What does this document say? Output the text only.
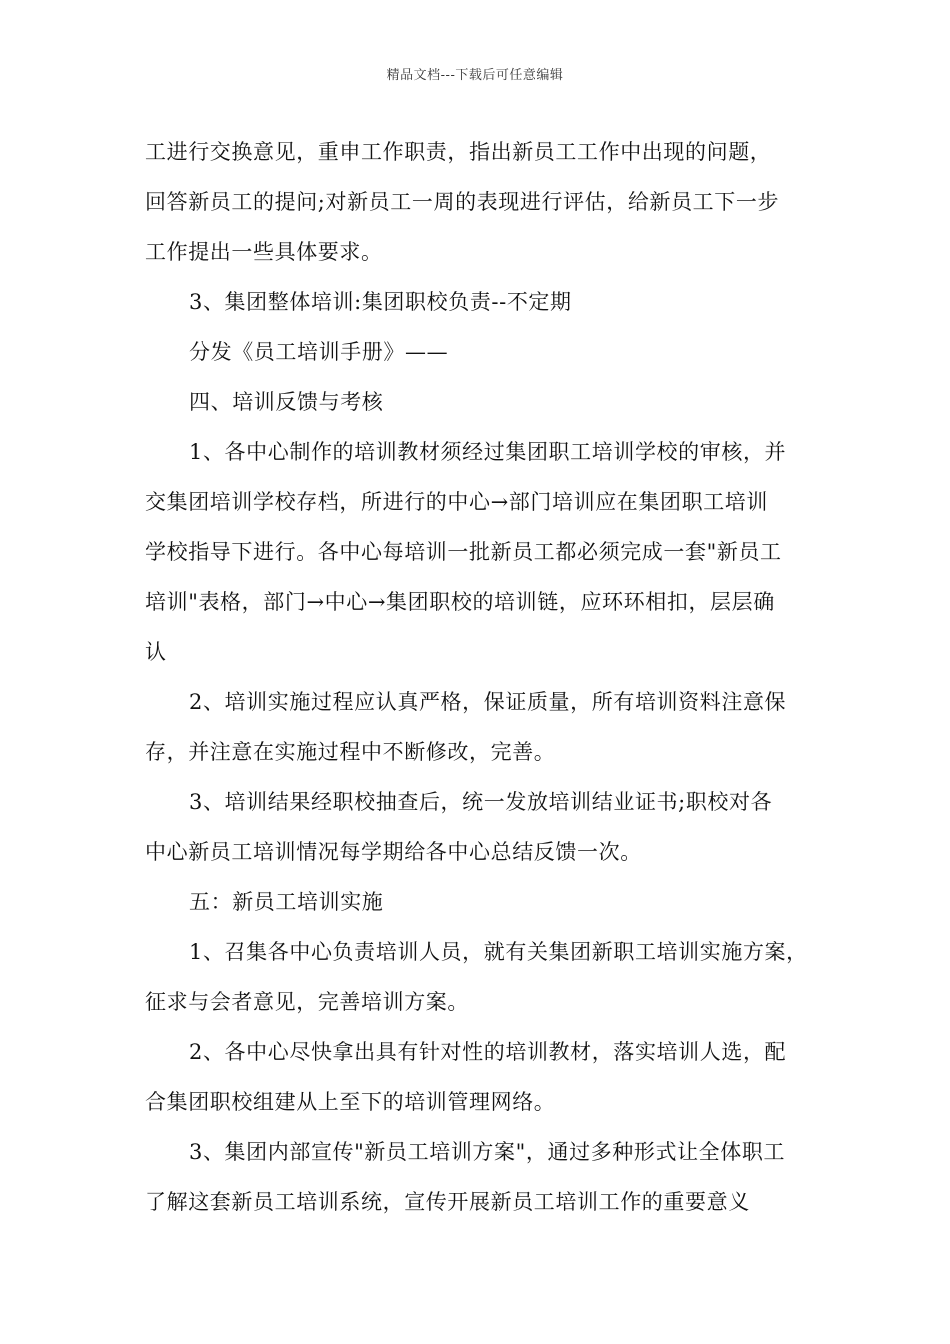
精品文档---下载后可任意编辑
工进行交换意见，重申工作职责，指出新员工工作中出现的问题，
回答新员工的提问;对新员工一周的表现进行评估，给新员工下一步
工作提出一些具体要求。
3、集团整体培训:集团职校负责--不定期
分发《员工培训手册》——
四、培训反馈与考核
1、各中心制作的培训教材须经过集团职工培训学校的审核，并
交集团培训学校存档，所进行的中心→部门培训应在集团职工培训
学校指导下进行。各中心每培训一批新员工都必须完成一套"新员工
培训"表格，部门→中心→集团职校的培训链，应环环相扣，层层确
认
2、培训实施过程应认真严格，保证质量，所有培训资料注意保
存，并注意在实施过程中不断修改，完善。
3、培训结果经职校抽查后，统一发放培训结业证书;职校对各
中心新员工培训情况每学期给各中心总结反馈一次。
五：新员工培训实施
1、召集各中心负责培训人员，就有关集团新职工培训实施方案，
征求与会者意见，完善培训方案。
2、各中心尽快拿出具有针对性的培训教材，落实培训人选，配
合集团职校组建从上至下的培训管理网络。
3、集团内部宣传"新员工培训方案"，通过多种形式让全体职工
了解这套新员工培训系统，宣传开展新员工培训工作的重要意义
